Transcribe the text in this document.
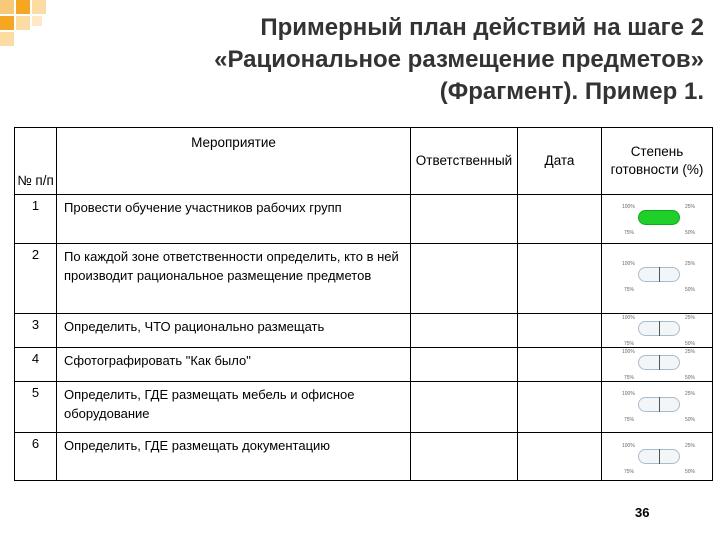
Примерный план действий на шаге 2
«Рациональное размещение предметов»
(Фрагмент). Пример 1.
№ п/п	Мероприятие	Ответственный	Дата	Степень готовности (%)
1	Провести обучение участников рабочих групп			100% 25%
75% 50%

2	По каждой зоне ответственности определить, кто в ней производит рациональное размещение предметов			100% 25%
75% 50%

3	Определить, ЧТО рационально размещать			100% 25%
75% 50%

4	Сфотографировать "Как было"			100% 25%
75% 50%

5	Определить, ГДЕ размещать мебель и офисное оборудование			100% 25%
75% 50%

6	Определить, ГДЕ размещать документацию			100% 25%
75% 50%
36
